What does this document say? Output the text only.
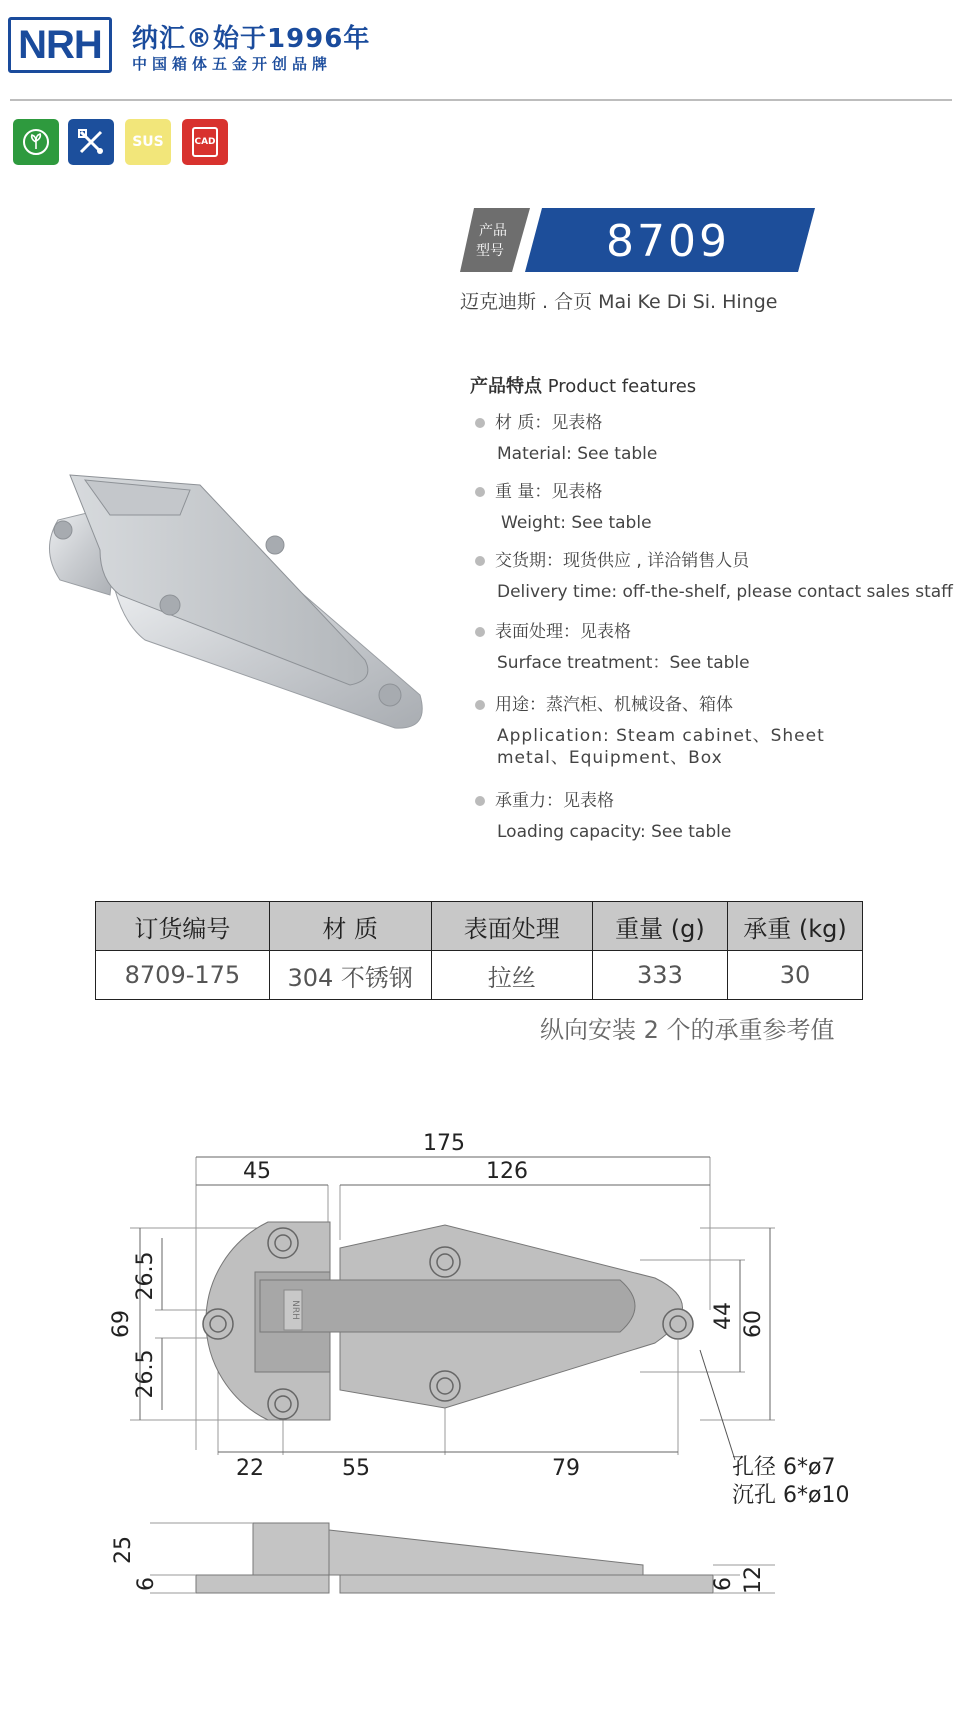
NRH	纳汇®始于1996年
中国箱体五金开创品牌
SUS	CAD
产品
型号 8709
迈克迪斯 . 合页 Mai Ke Di Si. Hinge
产品特点 Product features
材 质：见表格
Material: See table
重 量：见表格
Weight: See table
交货期：现货供应 , 详洽销售人员
Delivery time: off-the-shelf, please contact sales staff
表面处理：见表格
Surface treatment：See table
用途：蒸汽柜、机械设备、箱体
Application: Steam cabinet、Sheet
metal、Equipment、Box
承重力：见表格
Loading capacity: See table
订货编号	材 质	表面处理	重量 (g)	承重 (kg)
8709-175	304 不锈钢	拉丝	333	30
纵向安装 2 个的承重参考值
NRH
175
45	126
69
26.5
26.5
22	55	79
44 60
孔径 6*ø7
沉孔 6*ø10
25
6	6 12
